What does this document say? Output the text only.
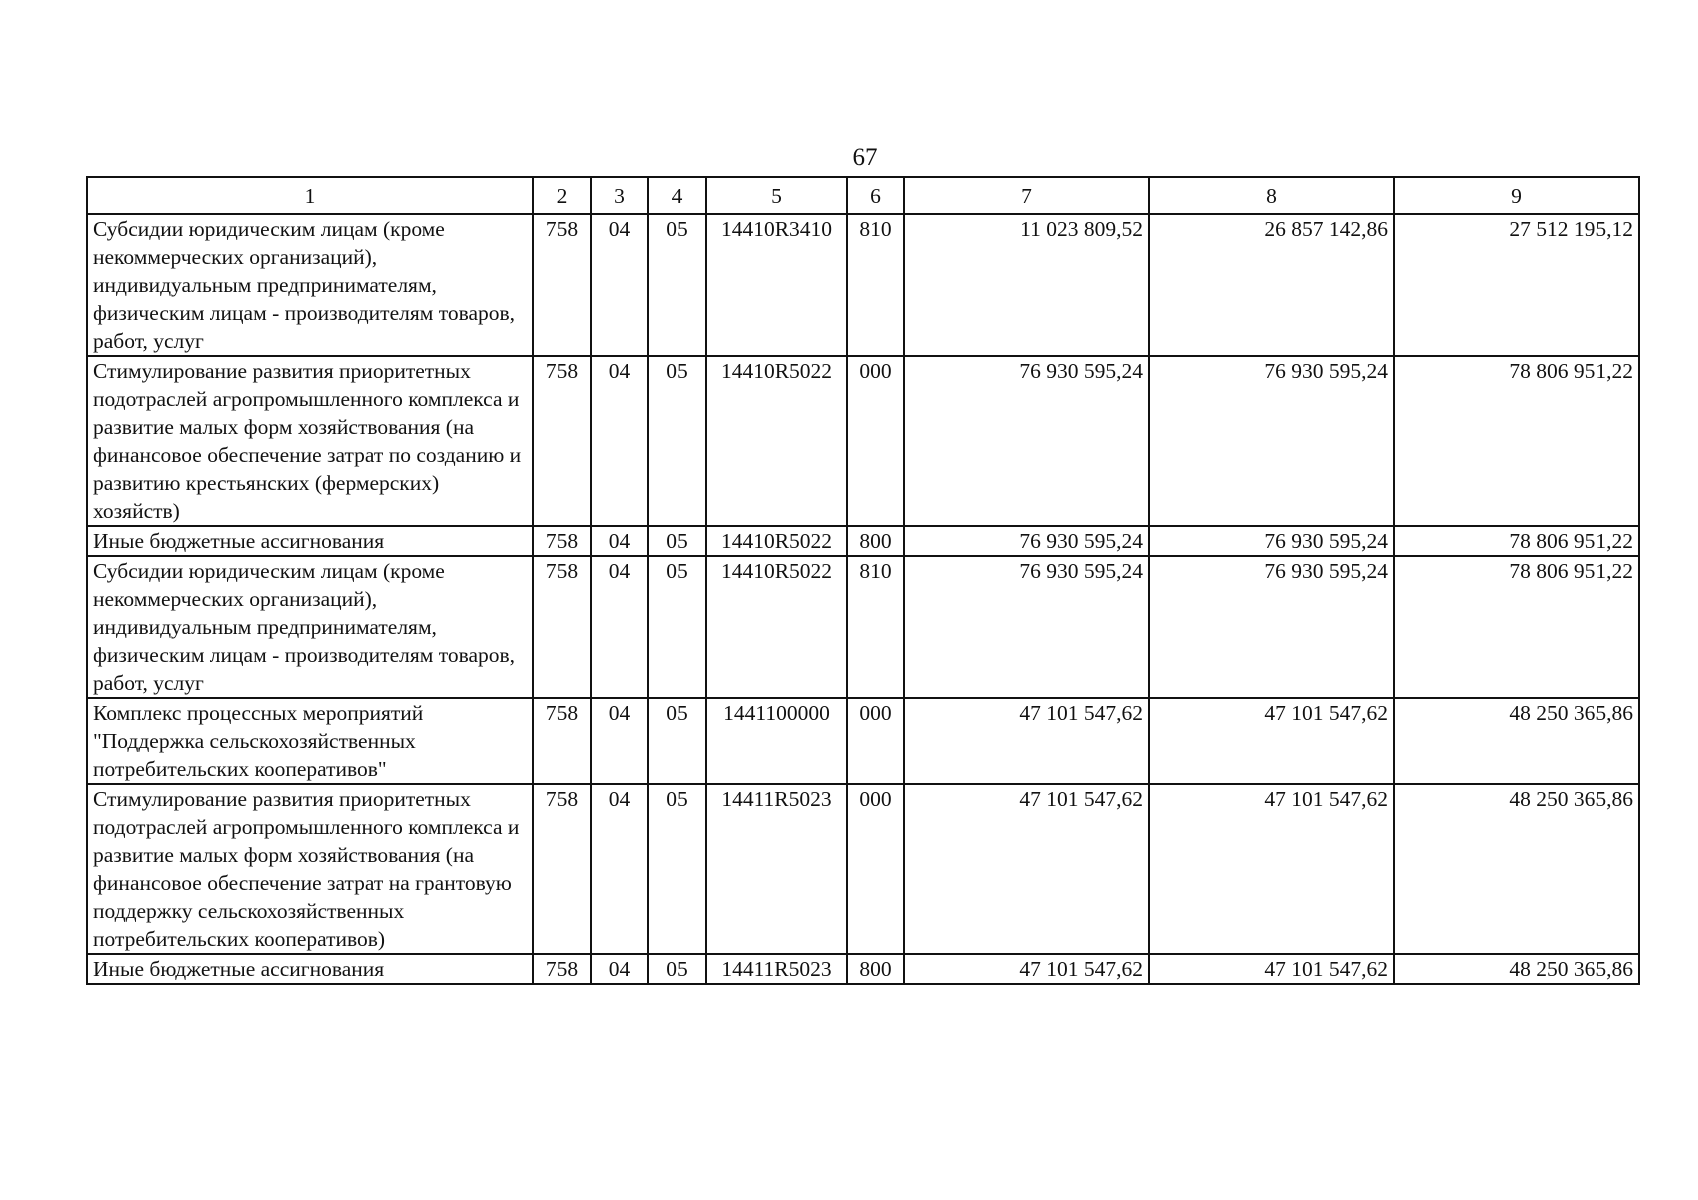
67
1	2	3	4	5	6	7	8	9
Субсидии юридическим лицам (кроме некоммерческих организаций), индивидуальным предпринимателям, физическим лицам - производителям товаров, работ, услуг	758	04	05	14410R3410	810	11 023 809,52	26 857 142,86	27 512 195,12
Стимулирование развития приоритетных подотраслей агропромышленного комплекса и развитие малых форм хозяйствования (на финансовое обеспечение затрат по созданию и развитию крестьянских (фермерских) хозяйств)	758	04	05	14410R5022	000	76 930 595,24	76 930 595,24	78 806 951,22
Иные бюджетные ассигнования	758	04	05	14410R5022	800	76 930 595,24	76 930 595,24	78 806 951,22
Субсидии юридическим лицам (кроме некоммерческих организаций), индивидуальным предпринимателям, физическим лицам - производителям товаров, работ, услуг	758	04	05	14410R5022	810	76 930 595,24	76 930 595,24	78 806 951,22
Комплекс процессных мероприятий "Поддержка сельскохозяйственных потребительских кооперативов"	758	04	05	1441100000	000	47 101 547,62	47 101 547,62	48 250 365,86
Стимулирование развития приоритетных подотраслей агропромышленного комплекса и развитие малых форм хозяйствования (на финансовое обеспечение затрат на грантовую поддержку сельскохозяйственных потребительских кооперативов)	758	04	05	14411R5023	000	47 101 547,62	47 101 547,62	48 250 365,86
Иные бюджетные ассигнования	758	04	05	14411R5023	800	47 101 547,62	47 101 547,62	48 250 365,86
